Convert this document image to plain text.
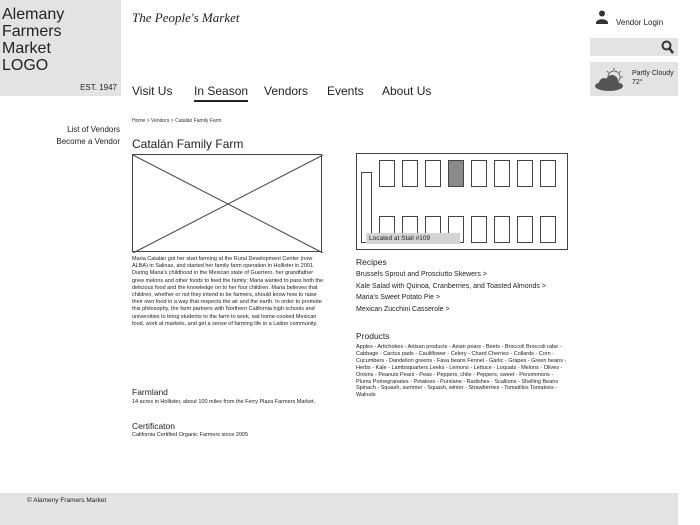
Alemany
Farmers
Market
LOGO
EST. 1947
The People's Market
Visit Us In Season Vendors Events About Us
Vendor Login
Partly Cloudy
72°
List of Vendors
Become a Vendor
Home > Vendors > Catalán Family Farm
Catalán Family Farm
Maria Catalán got her start farming at the Rural Development Center (now ALBA) in Salinas, and started her family farm operation in Hollister in 2001. During Maria's childhood in the Mexican state of Guerrero, her grandfather grew melons and other foods to feed the family; Maria wanted to pass both the delicious food and the knowledge on to her four children. Maria believes that children, whether or not they intend to be farmers, should know how to raise their own food in a way that respects the air and the earth. In order to promote this philosophy, the farm partners with Northern California high schools and universities to bring students to the farm to work, eat home-cooked Mexican food, work at markets, and get a sense of farming life in a Latino community.
Farmland
14 acres in Hollister, about 100 miles from the Ferry Plaza Farmers Market.
Certificaton
California Certified Organic Farmers since 2005
Located at Stall #109
Recipes
Brussels Sprout and Prosciutto Skewers >
Kale Salad with Quinoa, Cranberries, and Toasted Almonds >
Maria's Sweet Potato Pie >
Mexican Zucchini Casserole >
Products
Apples - Artichokes - Artisan products - Asian pears - Beets - Broccoli Broccoli rabe - Cabbage - Cactus pads - Cauliflower - Celery - Chard Cherries - Collards - Corn - Cucumbers - Dandelion greens - Fava beans Fennel - Garlic - Grapes - Green beans - Herbs - Kale - Lambsquarters Leeks - Lemons - Lettuce - Loquats - Melons - Olives - Onions - Peanuts Pears - Peas - Peppers, chile - Peppers, sweet - Persimmons - Plums Pomegranates - Potatoes - Purslane - Radishes - Scallions - Shelling Beans Spinach - Squash, summer - Squash, winter - Strawberries - Tomatillos Tomatoes - Walnuts
© Alameny Framers Market
